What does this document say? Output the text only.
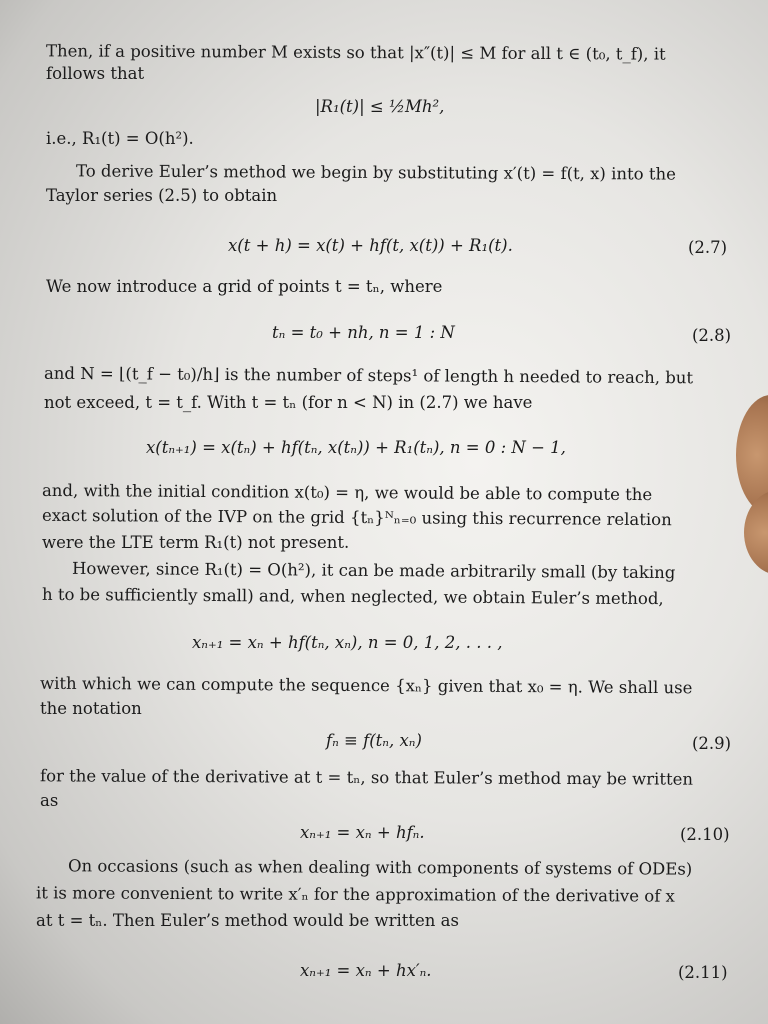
Then, if a positive number M exists so that |x″(t)| ≤ M for all t ∈ (t₀, t_f), it
follows that
|R₁(t)| ≤ ½Mh²,
i.e., R₁(t) = O(h²).
To derive Euler’s method we begin by substituting x′(t) = f(t, x) into the
Taylor series (2.5) to obtain
x(t + h) = x(t) + hf(t, x(t)) + R₁(t).	(2.7)
We now introduce a grid of points t = tₙ, where
tₙ = t₀ + nh, n = 1 : N	(2.8)
and N = ⌊(t_f − t₀)/h⌋ is the number of steps¹ of length h needed to reach, but
not exceed, t = t_f. With t = tₙ (for n < N) in (2.7) we have
x(tₙ₊₁) = x(tₙ) + hf(tₙ, x(tₙ)) + R₁(tₙ), n = 0 : N − 1,
and, with the initial condition x(t₀) = η, we would be able to compute the
exact solution of the IVP on the grid {tₙ}ᴺₙ₌₀ using this recurrence relation
were the LTE term R₁(t) not present.
However, since R₁(t) = O(h²), it can be made arbitrarily small (by taking
h to be sufficiently small) and, when neglected, we obtain Euler’s method,
xₙ₊₁ = xₙ + hf(tₙ, xₙ), n = 0, 1, 2, . . . ,
with which we can compute the sequence {xₙ} given that x₀ = η. We shall use
the notation
fₙ ≡ f(tₙ, xₙ)	(2.9)
for the value of the derivative at t = tₙ, so that Euler’s method may be written
as
xₙ₊₁ = xₙ + hfₙ.	(2.10)
On occasions (such as when dealing with components of systems of ODEs)
it is more convenient to write x′ₙ for the approximation of the derivative of x
at t = tₙ. Then Euler’s method would be written as
xₙ₊₁ = xₙ + hx′ₙ.	(2.11)
